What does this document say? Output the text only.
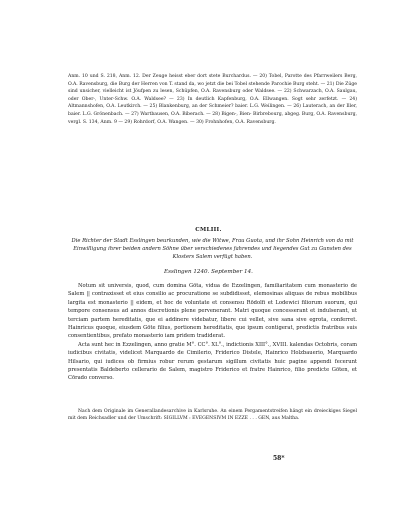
Anm. 10 und S. 218, Anm. 12. Der Zeuge heisst eber dort stete Burchardus. — 20) Tobel, Parotte des Pfarrweilers Berg, O.A. Ravensburg, die Burg der Herren von T. stand da, wo jetzt die bei Tobel stehende Parochie Burg steht. — 21) Die Züge sind unsicher, vielleicht ist Jöufpen zu lesen, Schüpfen, O.A. Ravensburg oder Waldsee. — 22) Schwarzach, O.A. Saulgau, oder Ober-, Unter-Schw. O.A. Waldsee? — 23) In deutlich Kapfenburg, O.A. Ellwangen. Sogt sehr zerfetzt. — 24) Altmannshofen, O.A. Leutkirch. — 25) Blankenburg, an der Schmeier? baier. L.G. Weilingen. — 26) Lauterach, an der Iller, baier. L.G. Grönenbach. — 27) Wartbausen, O.A. Biberach. — 28) Bigen-, Bien- Birbrebourg, abgeg. Burg, O.A. Ravensburg, vergl. S. 134, Anm. 9 — 29) Rohrdorf, O.A. Wangen. — 30) Frohnhofen, O.A. Ravensburg.

CMLIII.

Die Richter der Stadt Esslingen beurkunden, wie die Witwe, Frau Guota, und ihr Sohn Heinrich von da mit Einwilligung ihrer beiden andern Söhne über verschiedenes fahrendes und liegendes Gut zu Gunsten des Klosters Salem verfügt haben.

Esslingen 1240. September 14.

Notum sit universis, quod, cum domina Göta, vidua de Ezzelingen, familiaritatem cum monasterio de Salem || contraxisset et eius consilio ac procuratione se subdidisset, elemosinas aliquas de rebus mobilibus largita est monasterio || eidem, et hoc de voluntate et consensu Rōdolfi et Lodewici filiorum suorum, qui tempore consensus ad annos discretionis plene pervenerant. Matri quoque concesserant et indulserant, ut terciam partem hereditatis, que ei addinere videbatur, libere cui vellet, sive sana sive egrota, conferret. Hainricus quoque, eiusdem Göte filius, portionem hereditatis, que ipsum contigerat, predictis fratribus suis consentientibus, prefato monasterio iam pridem tradiderat.

Acta sunt hec in Ezzelingen, anno gratie M°. CC°. XL°., indictionis XIII°., XVIII. kalendas Octobris, coram iudicibus civitatis, videlicet Marquardo de Cimilerio, Friderico Distele, Hainrico Holzbauerio, Marquardo Hilsario, qui iudices ob firmius robur rerum gestarum sigillum civitatis huic pagine appendi fecerunt presentatis Baldeberto cellerario de Salem, magistro Friderico et fratre Hainrico, filio predicte Göten, et Cōrado converso.

Nach dem Originale im Generallandesarchive in Karlsruhe. An einem Pergamentstreifen hängt ein dreieckiges Siegel mit dem Reichsadler und der Umschrift: SIGILLVM : EVEGENSIVM IN EZZE . . . GEN, aus Maltha.

58*
